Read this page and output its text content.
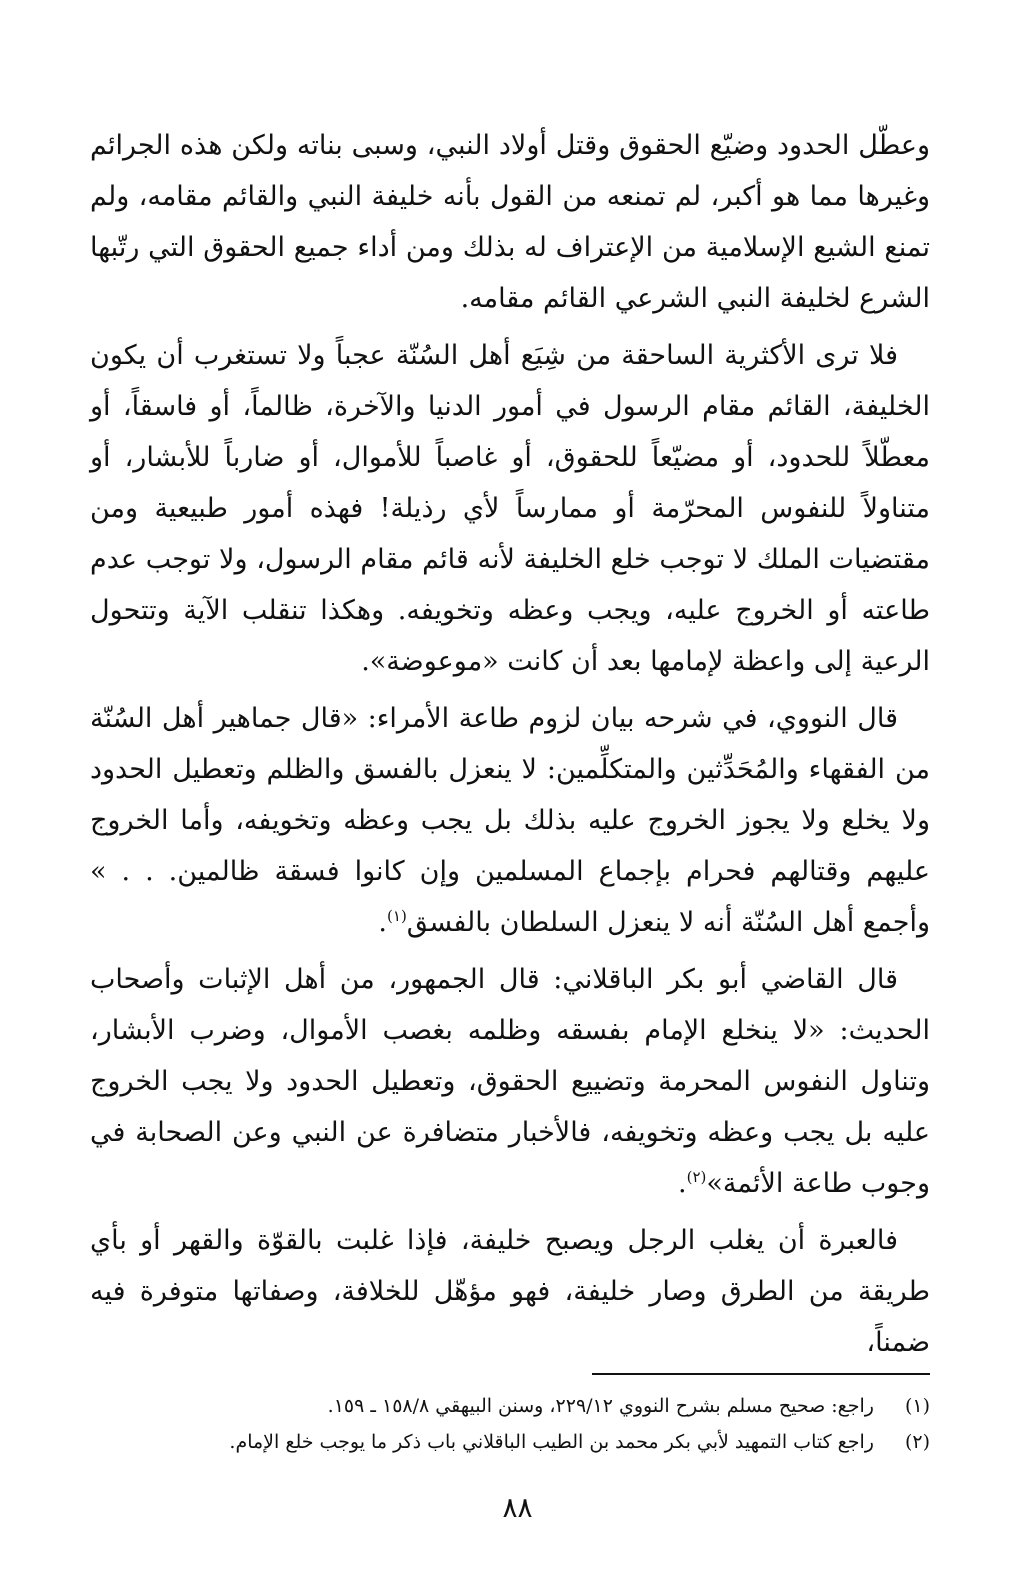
وعطّل الحدود وضيّع الحقوق وقتل أولاد النبي، وسبى بناته ولكن هذه الجرائم وغيرها مما هو أكبر، لم تمنعه من القول بأنه خليفة النبي والقائم مقامه، ولم تمنع الشيع الإسلامية من الإعتراف له بذلك ومن أداء جميع الحقوق التي رتّبها الشرع لخليفة النبي الشرعي القائم مقامه.

فلا ترى الأكثرية الساحقة من شِيَع أهل السُنّة عجباً ولا تستغرب أن يكون الخليفة، القائم مقام الرسول في أمور الدنيا والآخرة، ظالماً، أو فاسقاً، أو معطّلاً للحدود، أو مضيّعاً للحقوق، أو غاصباً للأموال، أو ضارباً للأبشار، أو متناولاً للنفوس المحرّمة أو ممارساً لأي رذيلة! فهذه أمور طبيعية ومن مقتضيات الملك لا توجب خلع الخليفة لأنه قائم مقام الرسول، ولا توجب عدم طاعته أو الخروج عليه، ويجب وعظه وتخويفه. وهكذا تنقلب الآية وتتحول الرعية إلى واعظة لإمامها بعد أن كانت «موعوضة».

قال النووي، في شرحه بيان لزوم طاعة الأمراء: «قال جماهير أهل السُنّة من الفقهاء والمُحَدِّثين والمتكلِّمين: لا ينعزل بالفسق والظلم وتعطيل الحدود ولا يخلع ولا يجوز الخروج عليه بذلك بل يجب وعظه وتخويفه، وأما الخروج عليهم وقتالهم فحرام بإجماع المسلمين وإن كانوا فسقة ظالمين. . . » وأجمع أهل السُنّة أنه لا ينعزل السلطان بالفسق$^{(١)}$.

قال القاضي أبو بكر الباقلاني: قال الجمهور، من أهل الإثبات وأصحاب الحديث: «لا ينخلع الإمام بفسقه وظلمه بغصب الأموال، وضرب الأبشار، وتناول النفوس المحرمة وتضييع الحقوق، وتعطيل الحدود ولا يجب الخروج عليه بل يجب وعظه وتخويفه، فالأخبار متضافرة عن النبي وعن الصحابة في وجوب طاعة الأئمة»$^{(٢)}$.

فالعبرة أن يغلب الرجل ويصبح خليفة، فإذا غلبت بالقوّة والقهر أو بأي طريقة من الطرق وصار خليفة، فهو مؤهّل للخلافة، وصفاتها متوفرة فيه ضمناً،

(١)
راجع: صحيح مسلم بشرح النووي ٢٢٩/١٢، وسنن البيهقي ١٥٨/٨ ـ ١٥٩.
(٢)
راجع كتاب التمهيد لأبي بكر محمد بن الطيب الباقلاني باب ذكر ما يوجب خلع الإمام.
٨٨
